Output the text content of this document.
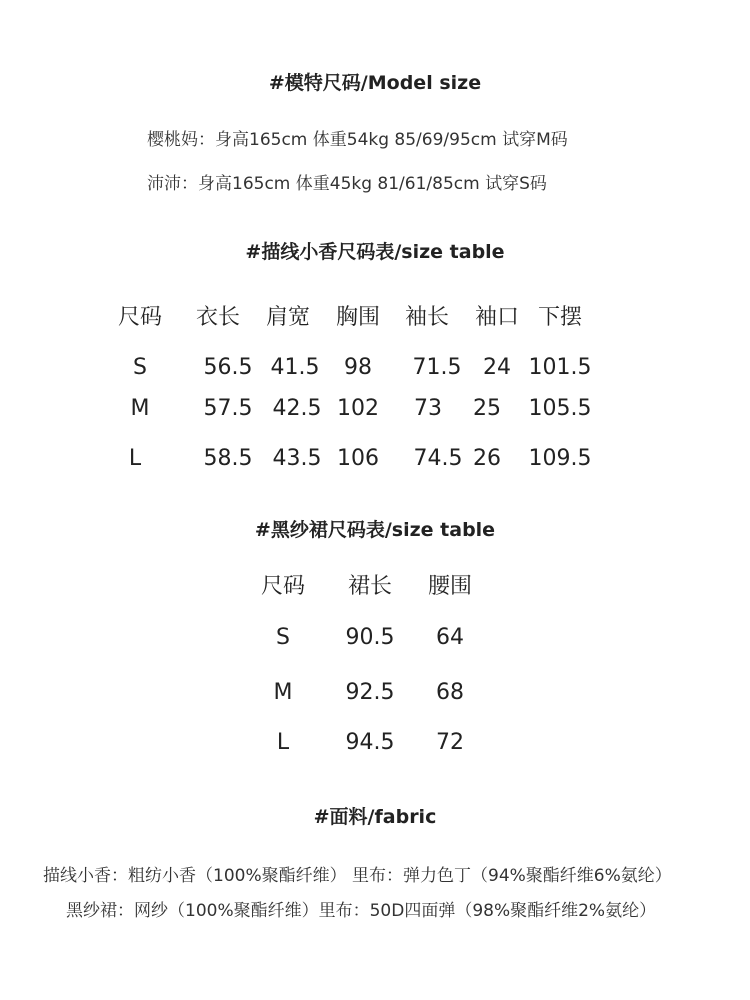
#模特尺码/Model size
樱桃妈：身高165cm 体重54kg 85/69/95cm 试穿M码
沛沛：身高165cm 体重45kg 81/61/85cm 试穿S码
#描线小香尺码表/size table
尺码 衣长 肩宽 胸围 袖长 袖口 下摆
S	56.5 41.5 98 71.5 24 101.5
M 57.5 42.5 102 73 25 105.5
L	58.5 43.5 106 74.5 26 109.5
#黑纱裙尺码表/size table
尺码 裙长 腰围
S	90.5 64
M 92.5 68
L	94.5 72
#面料/fabric
描线小香：粗纺小香（100%聚酯纤维） 里布：弹力色丁（94%聚酯纤维6%氨纶）
黑纱裙：网纱（100%聚酯纤维）里布：50D四面弹（98%聚酯纤维2%氨纶）
